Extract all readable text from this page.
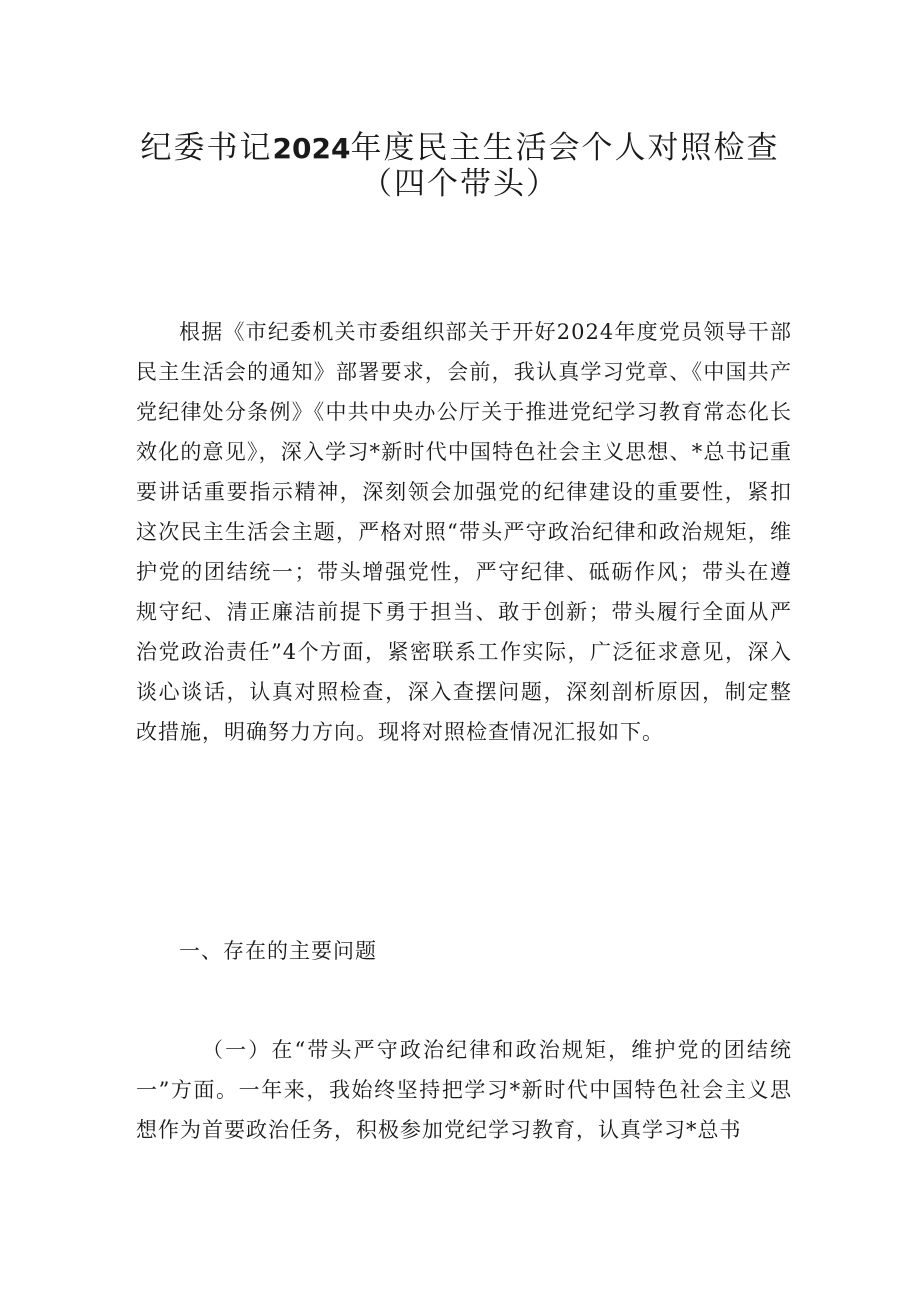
纪委书记2024年度民主生活会个人对照检查
（四个带头）

根据《市纪委机关市委组织部关于开好2024年度党员领导干部民主生活会的通知》部署要求，会前，我认真学习党章、《中国共产党纪律处分条例》《中共中央办公厅关于推进党纪学习教育常态化长效化的意见》，深入学习*新时代中国特色社会主义思想、*总书记重要讲话重要指示精神，深刻领会加强党的纪律建设的重要性，紧扣这次民主生活会主题，严格对照“带头严守政治纪律和政治规矩，维护党的团结统一；带头增强党性，严守纪律、砥砺作风；带头在遵规守纪、清正廉洁前提下勇于担当、敢于创新；带头履行全面从严治党政治责任”4个方面，紧密联系工作实际，广泛征求意见，深入谈心谈话，认真对照检查，深入查摆问题，深刻剖析原因，制定整改措施，明确努力方向。现将对照检查情况汇报如下。

一、存在的主要问题

（一）在“带头严守政治纪律和政治规矩，维护党的团结统一”方面。一年来，我始终坚持把学习*新时代中国特色社会主义思想作为首要政治任务，积极参加党纪学习教育，认真学习*总书
